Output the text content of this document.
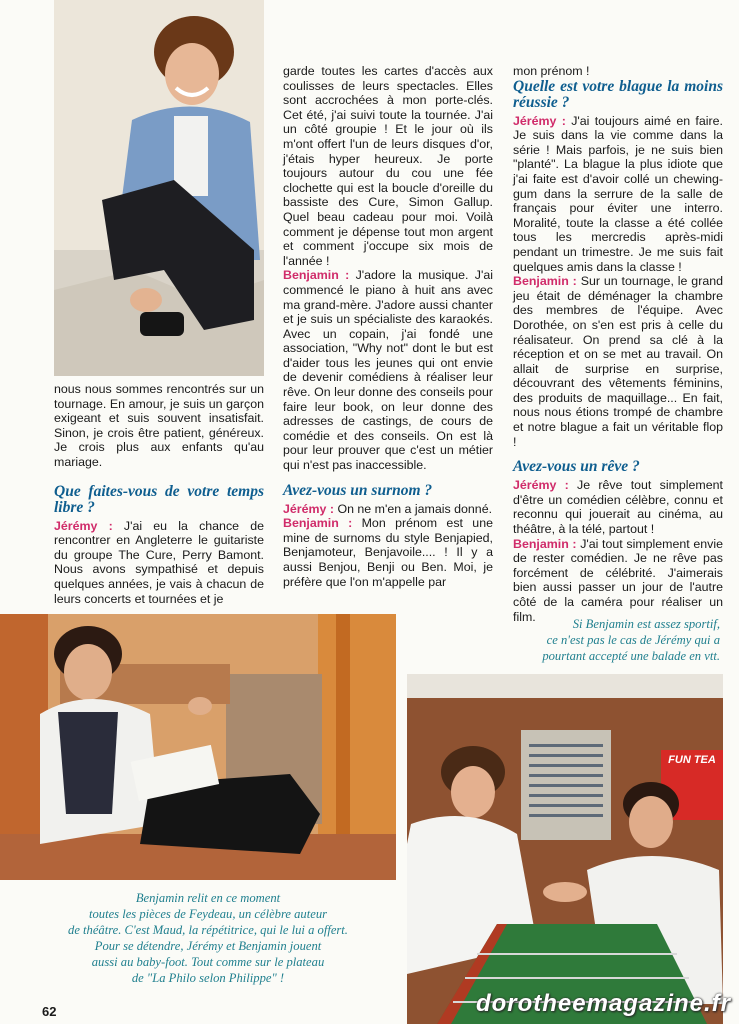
nous nous sommes rencontrés sur un tournage. En amour, je suis un garçon exigeant et suis souvent insatisfait. Sinon, je crois être patient, généreux. Je crois plus aux enfants qu'au mariage.

Que faites-vous de votre temps libre ?

Jérémy : J'ai eu la chance de rencontrer en Angleterre le guitariste du groupe The Cure, Perry Bamont. Nous avons sympathisé et depuis quelques années, je vais à chacun de leurs concerts et tournées et je

garde toutes les cartes d'accès aux coulisses de leurs spectacles. Elles sont accrochées à mon porte-clés. Cet été, j'ai suivi toute la tournée. J'ai un côté groupie ! Et le jour où ils m'ont offert l'un de leurs disques d'or, j'étais hyper heureux. Je porte toujours autour du cou une fée clochette qui est la boucle d'oreille du bassiste des Cure, Simon Gallup. Quel beau cadeau pour moi. Voilà comment je dépense tout mon argent et comment j'occupe six mois de l'année !

Benjamin : J'adore la musique. J'ai commencé le piano à huit ans avec ma grand-mère. J'adore aussi chanter et je suis un spécialiste des karaokés. Avec un copain, j'ai fondé une association, "Why not" dont le but est d'aider tous les jeunes qui ont envie de devenir comédiens à réaliser leur rêve. On leur donne des conseils pour faire leur book, on leur donne des adresses de castings, de cours de comédie et des conseils. On est là pour leur prouver que c'est un métier qui n'est pas inaccessible.

Avez-vous un surnom ?

Jérémy : On ne m'en a jamais donné.

Benjamin : Mon prénom est une mine de surnoms du style Benjapied, Benjamoteur, Benjavoile.... ! Il y a aussi Benjou, Benji ou Ben. Moi, je préfère que l'on m'appelle par

mon prénom !

Quelle est votre blague la moins réussie ?

Jérémy : J'ai toujours aimé en faire. Je suis dans la vie comme dans la série ! Mais parfois, je ne suis bien "planté". La blague la plus idiote que j'ai faite est d'avoir collé un chewing-gum dans la serrure de la salle de français pour éviter une interro. Moralité, toute la classe a été collée tous les mercredis après-midi pendant un trimestre. Je me suis fait quelques amis dans la classe !

Benjamin : Sur un tournage, le grand jeu était de déménager la chambre des membres de l'équipe. Avec Dorothée, on s'en est pris à celle du réalisateur. On prend sa clé à la réception et on se met au travail. On allait de surprise en surprise, découvrant des vêtements féminins, des produits de maquillage... En fait, nous nous étions trompé de chambre et notre blague a fait un véritable flop !

Avez-vous un rêve ?

Jérémy : Je rêve tout simplement d'être un comédien célèbre, connu et reconnu qui jouerait au cinéma, au théâtre, à la télé, partout !

Benjamin : J'ai tout simplement envie de rester comédien. Je ne rêve pas forcément de célébrité. J'aimerais bien aussi passer un jour de l'autre côté de la caméra pour réaliser un film.

Si Benjamin est assez sportif,
ce n'est pas le cas de Jérémy qui a
pourtant accepté une balade en vtt.
FUN TEA
Benjamin relit en ce moment
toutes les pièces de Feydeau, un célèbre auteur
de théâtre. C'est Maud, la répétitrice, qui le lui a offert.
Pour se détendre, Jérémy et Benjamin jouent
aussi au baby-foot. Tout comme sur le plateau
de "La Philo selon Philippe" !
62	dorotheemagazine.fr
